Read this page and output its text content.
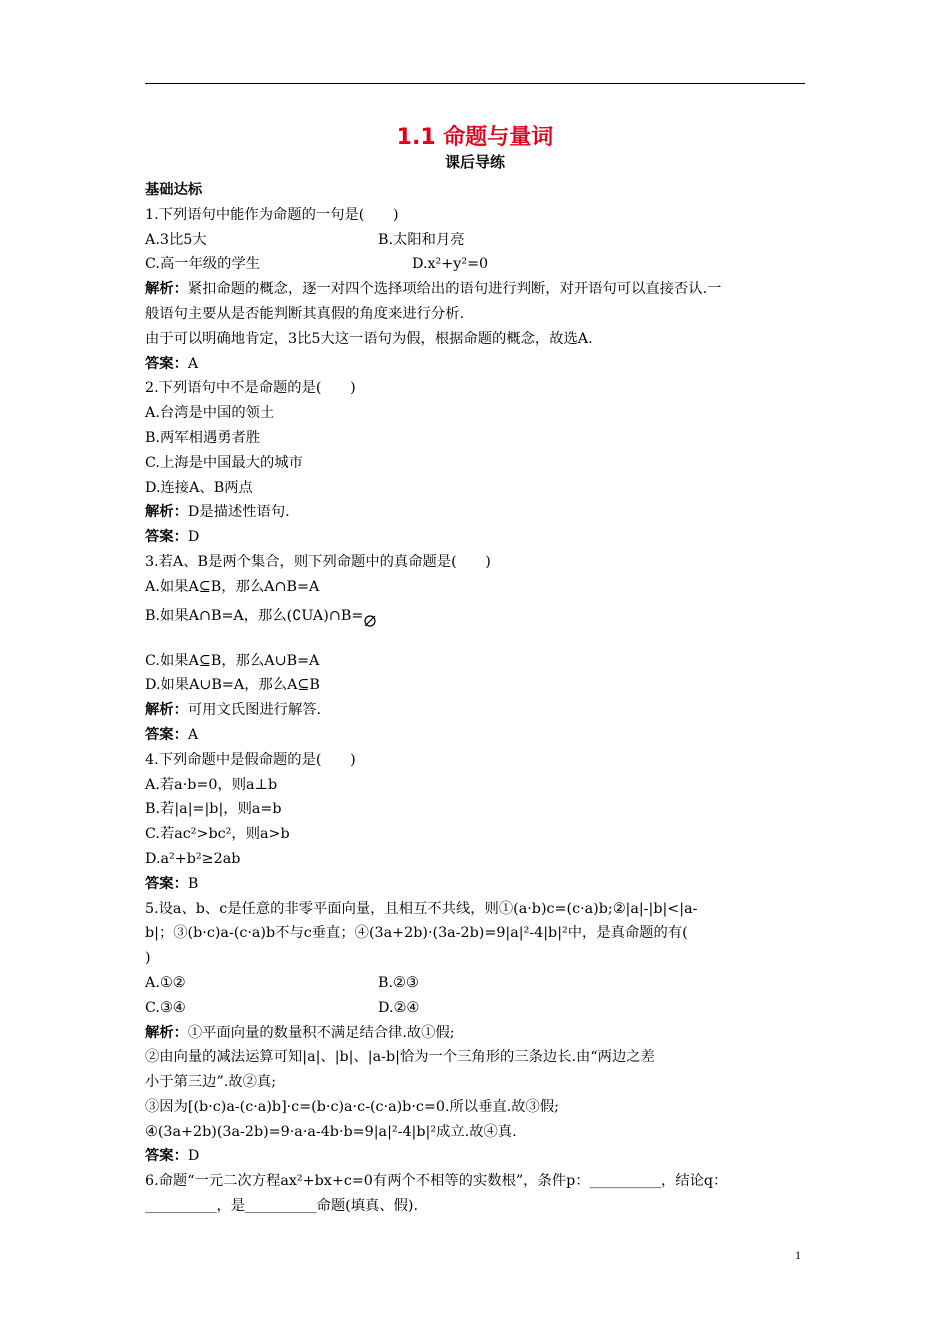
1.1 命题与量词
课后导练
基础达标
1.下列语句中能作为命题的一句是(　　)
A.3比5大	B.太阳和月亮
C.高一年级的学生	D.x²+y²=0
解析：紧扣命题的概念，逐一对四个选择项给出的语句进行判断，对开语句可以直接否认.一
般语句主要从是否能判断其真假的角度来进行分析.
由于可以明确地肯定，3比5大这一语句为假，根据命题的概念，故选A.
答案：A
2.下列语句中不是命题的是(　　)
A.台湾是中国的领土
B.两军相遇勇者胜
C.上海是中国最大的城市
D.连接A、B两点
解析：D是描述性语句.
答案：D
3.若A、B是两个集合，则下列命题中的真命题是(　　)
A.如果A⊆B，那么A∩B=A
B.如果A∩B=A，那么(∁UA)∩B=
C.如果A⊆B，那么A∪B=A
D.如果A∪B=A，那么A⊆B
解析：可用文氏图进行解答.
答案：A
4.下列命题中是假命题的是(　　)
A.若a·b=0，则a⊥b
B.若|a|=|b|，则a=b
C.若ac²>bc²，则a>b
D.a²+b²≥2ab
答案：B
5.设a、b、c是任意的非零平面向量，且相互不共线，则①(a·b)c=(c·a)b;②|a|-|b|<|a-
b|；③(b·c)a-(c·a)b不与c垂直；④(3a+2b)·(3a-2b)=9|a|²-4|b|²中，是真命题的有(
)
A.①②	B.②③
C.③④	D.②④
解析：①平面向量的数量积不满足结合律.故①假;
②由向量的减法运算可知|a|、|b|、|a-b|恰为一个三角形的三条边长.由“两边之差
小于第三边”.故②真;
③因为[(b·c)a-(c·a)b]·c=(b·c)a·c-(c·a)b·c=0.所以垂直.故③假;
④(3a+2b)(3a-2b)=9·a·a-4b·b=9|a|²-4|b|²成立.故④真.
答案：D
6.命题“一元二次方程ax²+bx+c=0有两个不相等的实数根”，条件p：__________，结论q：
__________，是__________命题(填真、假).
1
